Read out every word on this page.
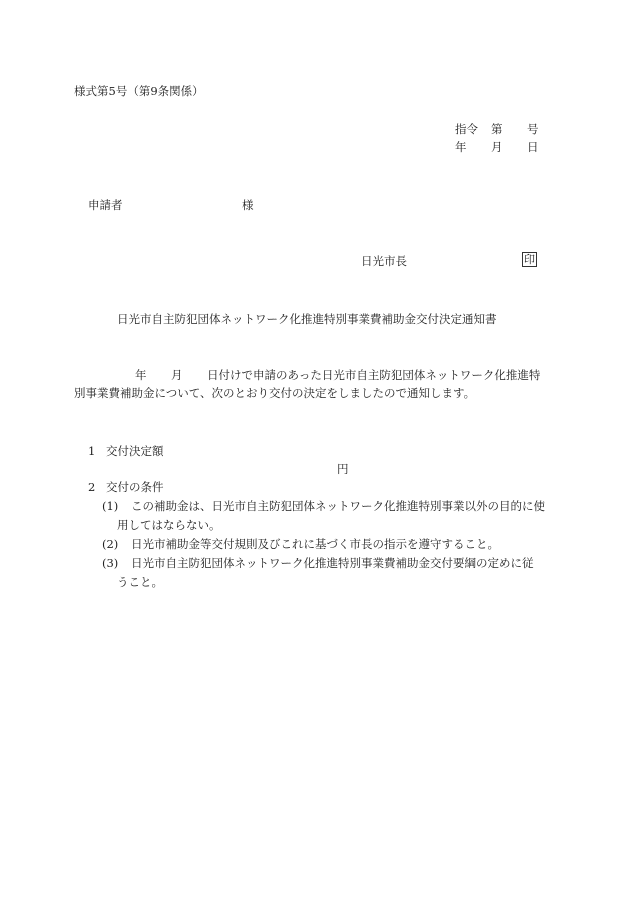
様式第5号（第9条関係）

指令 第 号

年 月 日

申請者	様

日光市長	印

日光市自主防犯団体ネットワーク化推進特別事業費補助金交付決定通知書

年 月 日付けで申請のあった日光市自主防犯団体ネットワーク化推進特

別事業費補助金について、次のとおり交付の決定をしましたので通知します。

1 交付決定額

円

2 交付の条件

(1) この補助金は、日光市自主防犯団体ネットワーク化推進特別事業以外の目的に使

用してはならない。

(2) 日光市補助金等交付規則及びこれに基づく市長の指示を遵守すること。

(3) 日光市自主防犯団体ネットワーク化推進特別事業費補助金交付要綱の定めに従

うこと。
